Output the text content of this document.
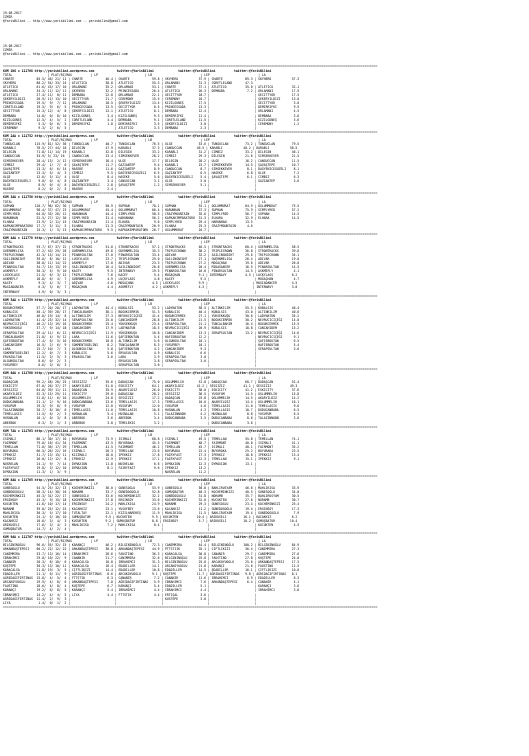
19.08.2017
İZMİR
@YarisBilimi -- http://www.yarisbilimi.com -- yarisbilimi@gmail.com

19.08.2017
İZMİR
@YarisBilimi -- http://www.yarisbilimi.com -- yarisbilimi@gmail.com

=========================================================================================================================================================================================================
KUM 1NG = 111768 http://yarisbilimi.wordpress.com            twitter:@YarisBilimi             twitter:@YarisBilimi          twitter:@YarisBilimi
TOTAL                   | PLAT/RZ/MAX          | LP                         | LB                          | LEP                          | LA
CHARTE            85.5/ 46/ 21/ 11 | CHARTE            46.4 | CHARTE            59.8 | SKYHERO           37.9 | CHARTE            89.3 | SKYHERO           57.3
SKYHERO           80.2/ 54/ 33/ 24 | ATLETICO          38.8 | ATLETICO          55.3 | ORLAMANI          31.3 | CORETLELAND       47.3
ATLETICO          61.6/ 43/ 17/ 10 | ORLAMANI          35.2 | ORLAMANI          53.1 | CHARTE            37.1 | ATLETICO          35.0 | ATLETICO          32.1
ORLAMANI          34.3/ 11/ 12/ 11 | ŞKYHERO           32.2 | PRINCESSADA       26.4 | ATLETICO          26.3 | DEMBABA            7.2 | ORLAMANI          17.9
ATLETICO          27.4/ 11/  8/ 11 | DEMBABA           22.0 | ORLAMANI          22.1 | GECITTYOR         18.7 |                        | GECITTYOR         17.5
ŞEKERYILDIZI      26.9/ 11/ 13/ 10 | GECITTYOR         21.7 | CEREMONY          15.5 | CEREMONY          18.7 |                        | ŞEKERYILDIZI      13.0
PRINCESSADA       19.5/  9/  7/ 12 | ORLAMANI          18.5 | ŞEKERYILDIZI      13.4 | KIZILGUNEŞ        17.5 |                        | GECITTYOR          3.0
CORETLELAND       19.5/  9/  6/  5 | PRINCESSADA       13.5 | GECITTYOR          6.5 | PRINCESSADA       13.3 |                        | DEMIRRIFKI         9.9
GECITTYOR         15.3/ 12/  4/  8 | ŞEKERYILDIZI      12.1 | ATLETICO           8.1 | DEMBABA           12.4 |                        | ORLAMANI           4.5
DEMBABA           14.8/  0/  8/ 10 | KIZILGUNEŞ         3.4 | KIZILGUNEŞ         9.3 | DEMIRRIFKI        11.4 |                        | DEMBABA            3.6
KIZILGUNEŞ        12.5/  4/  5/  2 | CORETLELAND        4.4 | DEMBABA            9.1 | CORETLELAND       11.5 |                        | KIZILGUNEŞ         3.6
DEMIRRIFKI         5.3/  0/  6/  5 | DEMIRRIFKI         1.8 | DEMIRRIFKI         3.5 | ŞEKERYILDIZI       3.0 |                        | CEREMONY           1.2
CEREMONY           9.3/  2/  6/  5 |                        | ATLETICO           3.3 | DEMBABA            2.3 |                        |
=========================================================================================================================================================================================================
KUM 2AA = 111752 http://yarisbilimi.wordpress.com            twitter:@YarisBilimi             twitter:@YarisBilimi          twitter:@YarisBilimi
TOTAL                   | PLAT/RZ/MAX          | LP                         | LB                          | LEP                          | LA
TUNGUCLAN        115.9/ 81/ 52/ 36 | TUNGUCLAN         40.7 | TUNGUCLAN         76.5 | ULGE              53.6 | TUNGUCLAN         73.2 | TUNGUCLAN         79.5
KARABLI           78.5/ 27/ 44/ 18 | DILEGIN           47.9 | KARABLI           37.3 | CANGUCCAN        46.5 | KARABLI           40.2 | KARABLI           58.5
DILEGIN           71.8/ 11/ 14/ 19 | KARABLI           32.8 | DILEGIN           33.2 | KARABLI           31.2 | CIMBIZ            33.2 | DILEGIN           46.1
CANGUCCAN         34.9/ 5/ 23/ 16  | CANGUCCAN         23.4 | SIMSEKKEVER       28.2 | CIMBIZ            29.3 | DILEGIN           21.6 | SIMSEKKEVER       21.5
SIMSEKKEVER       28.4/ 13/  2/ 12 | SIMSEKKEVER       18.4 | ULGE              17.7 | DILEGIN           28.2 | ULGE              16.2 | CANGUCCAN         11.5
CIMBIZ            29.4/  1/  7/  6 | ŞAVAŞTEPE         11.7 | GAZIANTEP          9.4 | KARABLI           15.7 | SIMSEKKEVER       14.5 | ŞAVAŞTEPE         10.7
ŞAVAŞTEPE         13.3/  6/  6/ 14 | HASEKE            11.6 | GAZIANTEP          8.9 | CANGUCCAN          8.7 | SIMSEKKEVER        8.1 | DAĞYENICEGUZELI    8.1
GAZIANTEP         13.3/  5/  4/  3 | CIMBIZ             9.5 | DAĞYENICEGUZELI    6.5 | GAZIANTEP          6.5 | HASEKE             6.8 | ULGE               7.2
ULGE              12.6/  5/ 11/  4 | ULGE               8.4 | HASEKE             5.6 | DAĞYENICEGUZELI    5.4 | ŞAVAŞTEPE          6.1 | CIMBIZ             6.3
DAĞYENICEGUZELI    9.0/  0/  4/  8 | GAZIANTEP          3.4 | CANGUCCAN          3.1 | ULGE               5.0 |                        | GAZIANTEP          3.6
ULGE               8.9/  0/  4/  8 | DAĞYENICEGUZELI    2.8 | ŞAVAŞTEPE          1.2 | SIMSEKKEVER        5.1 |                        |
HASEKE             6.2/  0/  2/  5 | HASEKE             2.4 |                        |                        |                        |
=========================================================================================================================================================================================================
KUM 3AA = 111756 http://yarisbilimi.wordpress.com            twitter:@YarisBilimi             twitter:@YarisBilimi          twitter:@YarisBilimi
TOTAL                   | PLAT/RZ/MAX          | LP                         | LB                          | LEP                          | LA
SUPHAN           120.7/ 96/ 62/ 36 | SUPHAN            50.9 | SUPHAN            70.1 | SUPHAN            91.1 | OGLUMMURAT        84.9 | OGLUMMURAT        75.5
OGLUMMURAT        98.4/ 37/ 47/ 23 | OGLUMMURAT        45.4 | OGLUMMURAT        66.4 | HARUNHAN          37.3 | SUPHAN            75.9 | SIMPLYRED         57.2
SIMPLYRED         64.0/ 33/ 26/ 12 | HARUNHAN          44.4 | SIMPLYRED         58.5 | CRAZYMOUNTAIN     35.6 | SIMPLYRED         56.7 | SUPHAN            14.5
HARUNHAN          52.5/ 27/ 12/ 30 | SIMPLYRED         31.4 | HARUNHAN          56.2 | KAPKAKIMPARATORU  31.3 | ELHARA            32.9 | ELHARA            14.5
ELHARA            23.9/  2/ 11/ 15 | CRAZYMOUNTAIN     21.4 | ELHARA             9.6 | SIMPLYRED         29.4 | HARUNHAN          13.5
KAPKAKIMPARATORU  17.7/  5/ 11/  5 | ELHARA            21.3 | CRAZYMOUNTAIN     20.9 | ELHARA            25.3 | CRAZYMOUNTAIN      4.6
CRAZYMOUNTAIN     15.3/  1/  5/ 13 | KAPKAKIMPARATORU   9.5 | KAPKAKIMPARATORU  20.7 | OGLUMMURAT        16.7 |
=========================================================================================================================================================================================================
KUM 4AA = 111778 http://yarisbilimi.wordpress.com            twitter:@YarisBilimi             twitter:@YarisBilimi          twitter:@YarisBilimi
TOTAL                   | PLAT/RZ/MAX          | LP                         | LB                          | LEP                          | LA
STRONTRACKS       93.7/ 67/ 37/ 22 | STRONTRACKS       51.0 | STRONTRACKS       57.2 | STRONTRACKS       40.5 | STRONTRACKS       60.4 | GUERNMELISA       58.5
GUERNMELISA       57.2/ 43/ 29/ 28 | GUERNMELISA       49.6 | GUERNMELISA       35.3 | TRIPLECROWN       38.2 | TRIPLECROWN       36.8 | STRONTRACKS       39.8
TRIPLECROWN       42.3/ 15/ 14/ 21 | PINARSULTAN       27.0 | PINARSULTAN       33.4 | ADIVAR            32.2 | SAILINGNIGHT      29.6 | TRIPLECROWN       34.1
SAILINGNIGHT      39.0/  8/ 10/ 12 | LUCKYLASS         23.7 | TRIPLECROWN       29.0 | SAILINGNIGHT      27.1 | GUERNMELISA       26.4 | ADIVAR            19.0
ADIVAR            38.8/ 11/ 14/ 22 | ASKMEFLY          17.8 | ADIVAR            23.3 | TRIPLECROWN       27.2 | MOĞAÇHAN          19.6 | ADIVAR            26.0
PINARSULTAN       34.7/ 15/ 13/ 19 | SAILINGNIGHT      16.4 | SAILINGNIGHT      20.8 | GUERNMELISA       20.4 | MIDAGANCER        16.5 | PINARSULTAN       14.5
ASKMEFLY          30.3/  5/  9/ 10 | KACEY              9.5 | INTERNAVY         19.5 | PINARSULTAN       16.8 | PINARSULTAN       14.5 | ASKMEFLY           4.1
LUCKYLASS         21.5/  6/  3/ 12 | TRIPLECROWN        7.6 | KACEY              5.4 | MOĞAÇHAN          9.1 | INTERNAVY          4.5 | LUCKYLASS          6.2
ASKMEFLY          18.8/  6/  4/  7 | GUERNMELISA        4.9 | LUCKYLASS          4.8 | KACEY              9.5 |                        | MOĞAÇHAN           4.7
KACEY              9.3/  4/  3/  7 | ADIVAR             4.6 | MOĞAÇHAN          4.5 | LUCKYLASS          9.9 |                        | MAGIADANCER        4.5
MAGIADANCER        6.3/  3/  0/  7 | MOĞAÇHAN           4.4 | ASKMEFLY          4.2 | ASKMEFLY           4.3 |                        | INTERNAVY          3.0
INTERNAVY          4.9/  0/  3/  3 |                        |                        |                        |                        |
=========================================================================================================================================================================================================
KUM 5AA = 111759 http://yarisbilimi.wordpress.com            twitter:@YarisBilimi             twitter:@YarisBilimi          twitter:@YarisBilimi
TOTAL                   | PLAT/RZ/MAX          | LP                         | LB                          | LEP                          | LA
BOGUKCERMIK       57.7/ 20/ 28/ 17 | LADYNATUN         44.4 | KUBALSIS          53.2 | LADYNATUN         58.5 | ALTINKILIM        55.5 | KUBALSIS          46.4
KUBALSIS          50.1/ 39/ 28/ 17 | TUNCALBAHIM       38.1 | BOGUKCERMIK       51.3 | KUBALSIS          40.4 | KUBALSIS          43.0 | ALTINKILIM        40.6
ALTINKILIM        46.0/ 19/ 14/  8 | ALTINKILIM        27.3 | NEVRUCICIÇEĞI     41.4 | BOGUKCERMIK       27.1 | YÜKSEKKUŞU        30.6 | LADYNATUN         35.2
LADYNATUN         41.4/ 23/ 32/ 14 | SERAPSULTAN       25.0 | CANCAHIDEM        28.8 | ALTINKILIM        21.5 | BOGUKCERMIK       30.2 | NEVRUCICIÇEĞI     14.0
NEVRUCICIÇEĞI     40.2/ 13/ 19/ 16 | BOGUKCERMIK       25.4 | YÜKSEKKUŞU        23.4 | SERAPSULTAN       21.1 | TUNCALBAHIM       16.4 | BOGUKCERMIK       15.5
YÜKSEKKUŞU        37.7/  9/ 14/ 18 | CANCAHIDEM        17.9 | LADYNATUN         18.5 | NEVRUCICIÇEĞI     20.9 | KUBALSIS          18.8 | CANCAHIDEM        15.2
SERAPSULTAN       29.4/ 11/  6/ 12 | NEVRUCICIÇEĞI     11.9 | YÜKSEKKUŞU        10.8 | CANCAHIDEM        13.3 | SERAPSULTAN       13.2 | NEVRUCICIÇEĞI     14.6
TUNCALBAHIM       21.8/  4/  9/ 12 | LARA              11.6 | ŞAFIEBOUTAN        5.4 | HAFIEBOUTAN       12.2 |                        | NEVRUCICIÇEĞI      9.1
ŞAFIEBOUTAN       17.4/  6/  5/ 16 | BOGUKCERMIK       10.8 | ALTINKILIM         5.6 | OLGUNSULTAN       10.1 |                        | ŞAFIEBOUTAN        6.5
CANCAHIDEM        16.5/  2/  6/  9 | SOKMENTOGELINI     8.2 | TUNCALBAHIM        8.3 | YUSUFBEY          10.1 |                        | HAFIEBOUTAN        5.4
LARA              15.7/ 10/  7/  3 | OLGUNSULTAN        5.8 | ŞAFIEBOUTAN        4.2 | CANCAHIDEM         9.3 |                        | SERAPSULTAN        3.6
SOKMENTOGELINI    12.2/  0/  7/  3 | KUBALSIS           5.6 | ERVASULTAN         4.9 | KUBALSIS           6.6 |                        |
ERVASULTAN        11.5/  3/  5/  3 | ERVASULTAN         3.6 | LARA               3.9 | SERAPSULTAN        3.0 |                        |
OLGUNSULTAN        8.6/  0/  2/  3 |                        | ERVASULTAN         3.8 | SERAPSULTAN        3.0 |                        |
YUSUFBEY           6.6/  3/  0/  3 |                        | SERAPSULTAN        3.0 |                        |                        |
=========================================================================================================================================================================================================
KUM 6AA = 111760 http://yarisbilimi.wordpress.com            twitter:@YarisBilimi             twitter:@YarisBilimi          twitter:@YarisBilimi
TOTAL                   | PLAT/RZ/MAX          | LP                         | LB                          | LEP                          | LA
DADAŞCAN          95.2/ 48/ 28/ 25 | SESSIZIZ          35.6 | DADAŞCAN          75.0 | OGLUMMELIH        51.8 | DADAŞCAN          60.7 | DADAŞCAN          52.4
ESKICITY          67.0/ 26/ 37/ 27 | AKARYILDIZ        51.8 | ESKICITY          64.1 | AKARYILDIZ       41.2 | SESSIZIZ          41.1 | SESSIZIZ          49.3
SESSIZIZ          64.0/ 39/ 11/ 11 | DADAŞCAN          35.9 | AKARYILDIZ        26.0 | ESKICITY          38.0 | ESKICITY          41.2 | ESKICITY          37.6
AKARYILDIZ        52.3/ 15/ 29/ 11 | ESKICITY          29.0 | DADAŞCAN          28.2 | SESSIZIZ          36.5 | YUSUFUM           14.5 | OGLUMMELIH        15.8
OGLUMMELIH        31.8/ 11/  6/ 16 | OGLUMMELIH        24.8 | SESSIZIZ          17.2 | DADAŞCAN          25.8 | OGLUMMELIH        14.5 | AKARYILDIZ        14.2
DUDUCANBABA       21.1/  2/  9/ 16 | DUDUCANBABA       23.6 | TEMELLASIS        17.3 | TEMELLASIS        10.0 | AKARYILDIZ        14.4 | OGLUMMELIH        16.1
YUSUFUM           19.3/  9/  0/  9 | YUSUFUM           12.0 | YUSUFUM           12.0 | YUSUFUM            4.6 | TEMELLASIS        11.0 | TEMELLASIS         9.6
TALAZINNODN       20.7/  8/ 10/  6 | TEMELLASIS        11.0 | TEMELLASIS        10.8 | HUSNALAN           4.3 | TEMELLASIS        10.7 | DUDUCANBABA        6.5
TEMELLASIS        11.5/  6/  2/  3 | HUSNALAN           5.4 | HUSNALAN           5.1 | TALAZINNODN        4.2 | HUSNALAN           8.8 | YUSUFUM            6.5
HUSNALAN          10.1/  0/  3/  8 | ABEEBOK            3.6 | ABEEBOK            3.4 | DUDUCANBABA        3.5 | DUDUCANBABA        8.6 | TALAZINNODN        3.6
ABEEBOK            6.3/  3/  1/  3 | ARBEBOK            3.8 | TEMELEKIS          3.2 |                        | DUDUCANBABA        3.6 |
=========================================================================================================================================================================================================
KUM 7AA = 111763 http://yarisbilimi.wordpress.com            twitter:@YarisBilimi             twitter:@YarisBilimi          twitter:@YarisBilimi
TOTAL                   | PLAT/RZ/MAX          | LP                         | LB                          | LEP                          | LA
ISIMALI           86.1/ 30/ 17/ 10 | BUYURAKA          73.9 | ISIMALI           68.8 | ISIMALI           49.5 | TEMELLAN          55.8 | TEMELLAN          74.1
FAIRMONT          79.0/ 16/ 41/ 34 | FAIRMONT          43.5 | BUYURAKA          45.5 | FAIRMONT          48.7 | FAIRMONT          40.0 | ISIMALI           41.1
TEMELLAN          71.0/ 36/ 17/ 29 | TEMELLAN          41.5 | FAIRMONT          46.2 | TEMELLAN          45.7 | ISIMALI           40.1 | FAIRMONT          35.2
BUYURAKA          66.5/ 26/ 22/ 16 | ISIMALI           28.3 | TEMELLAN          23.6 | BUYURAKA          22.4 | BUYURAKA          25.2 | BUYURAKA          23.5
IPEKKIZ           31.7/ 13/ 15/ 11 | KIZIMALI          18.0 | IPEKKIZ           17.8 | FAIRYFAST         17.3 | IPEKKIZ           18.8 | IPEKKIZ           13.4
IPEKKIZ           26.0/ 12/ 12/  8 | IPEKKIZ           12.9 | IPEKKIZ           17.1 | FAIRYFAST         12.3 | TEMELLAN          15.1 | IPEKKIZ            9.1
NUSRELAN          24.1/  9/  7/ 14 | DYMAXION          11.8 | NUSRELAN           6.6 | DYMAXION          12.3 | DYMAXION          13.1 |
FAIRYFAST         19.8/  3/ 12/ 10 | DYMAXION           8.1 | FAIRYFAST          9.6 | IPEKKIZ           13.2 |                        |
DYMAXION          11.3/  1/  3/  9 |                        |                        | NUSRELAN          11.2 |                        |
=========================================================================================================================================================================================================
KUM 8AA = 111765 http://yarisbilimi.wordpress.com            twitter:@YarisBilimi             twitter:@YarisBilimi          twitter:@YarisBilimi
TOTAL                   | PLAT/RZ/MAX          | LP                         | LB                          | LEP                          | LA
GUNESOGLU         54.5/ 25/ 32/ 13 | KOCHEMINKIZI      36.0 | GUNESOGLU         53.9 | GUNESOGLU         50.8 | BAHLIRUSYAM       46.6 | MAHLIKISA         33.9
GUNEDOGOGLU       58.3/ 14/ 30/ 16 | NORAMB            33.7 | GUNEDOGOGLU       52.8 | GUMUŞBATUR        40.3 | KOCHEMINKIZI      40.5 | GUNESOGLU         34.0
KOCHEMINKIZI      45.3/ 31/ 22/ 17 | GUNESOGLU         33.6 | KOCHEMINKIZI      32.2 | GUNEDOGOGLU       31.8 | NORAMB            35.7 | BAHLIRUSYAM       30.5
ERGINSOY          45.3/  9/ 15/ 18 | KOCHEMINKIZI      27.8 | ERGINSOY          33.6 | KOCHEMINKIZI      32.0 | KUCUKTEN          27.6 | NORAMB            30.7
KUCUKTEN          41.6/ 10/ 17/ 14 | ERGINSOY          24.2 | MAHLIKISA         24.9 | NORAMB            29.3 | GUNESOGLU         23.4 | KOCHEMINKIZI      25.4
NORAMB            39.8/ 25/ 12/ 15 | KACAKKIZ          23.1 | YUSUFBEY          13.6 | KACAKKIZ          11.2 | GUNEDOGOGLU       19.4 | ERGINSOY          17.3
MAHLIKISA         30.3/  5/ 17/ 10 | TUTALTAY          22.1 | KIZILHAREKEŞ      11.9 | MAHLIKISA         11.5 | BAHLIRUSYAM       19.4 | GUNEDOGOGLU        7.9
KUCUKTEN          24.1/  5/ 10/ 10 | GUMUŞBATUR        9.5 | KUCUKTEN           9.5 | KUCUKTEN          10.4 | ARIKUSELI         16.1 | KACAKKIZ           6.2
KACAKKIZ          10.6/  3/  4/  3 | KUCUKTEN          9.2 | GUMUŞBATUR         8.8 | ERGINSOY           5.7 | ARIKUSELI         10.2 | GUMUŞBATUR        10.4
ARIKUSELI         17.6/  3/  4/  2 | MAHLIKISA          7.2 | MAHLIKISA          8.4 |                        |                        | KUCUKTEN           4.5
GUMUŞBATUR        14.7/  4/  2/  4 |                        |                        |                        |                        |
=========================================================================================================================================================================================================
KUM 9AA = 111767 http://yarisbilimi.wordpress.com            twitter:@YarisBilimi             twitter:@YarisBilimi          twitter:@YarisBilimi
TOTAL                   | PLAT/RZ/MAX          | LP                         | LB                          | LEP                          | LA
BILGININOĞLU      96.6/ 55/ 32/ 15 | KARANÇI           46.2 | BILGININOĞLU      72.3 | CANIMMIRA         44.4 | BILGININOĞLU     100.2 | BILGININOĞLU      84.9
ARKANDAŞTEPESI    60.2/ 22/ 12/ 22 | ARKANDAŞTEPESI    38.8 | ARKANDAŞTEPESI    44.9 | PTTSTIIK          35.1 | CIFTLIKIZI        36.4 | CANIMMIRA         27.3
CANIMMIRA         33.7/ 13/ 16/ 14 | IBRAHIMCI         28.6 | FAUSTINO          36.3 | KARACALSA         30.8 | CANANIR           29.7 | CANIMMIRA         27.6
IBRAHIMCI         29.0/ 10/ 22/  9 | CANANIR           21.7 | CANIMMIRA         32.6 | BILGININOĞLU      25.8 | FAUSTINO          27.8 | KUŞTEPE           24.0
CANANIR           20.3/  6/ 10/  6 | KARACALSA         16.8 | IBRAHIMCI         31.3 | BILGININOĞLU      25.8 | ARCAKOYUOGLU      25.6 | ARKANDAŞTEPESI    17.3
KUŞTEPE           30.3/ 13/ 10/ 11 | KARACALSA         16.4 | EDADILLER         14.1 | ARCAKOYUOGLU      21.8 | KARANÇI           21.6 | FAUSTINO          12.5
KARACALSA         21.8/ 19/  3/  5 | CIFTLIKIZI        14.4 | EDADILLER         10.8 | EDADILLER         14.5 | EDADILLER         16.1 | CIFTLIKIZI        10.0
EDADILLER         21.1/  6/ 11/  9 | AĞRIDAĞIFIRTINAS   8.6 | ARCAKOYUOGLU      9.1 | KUŞTEPE           11.7 | AĞRIDAĞIFIRTINAS   9.8 | AĞRIDAĞIFIRTINAS   8.1
AĞRIDAĞIFIRTINAS  15.8/  4/  5/  4 | FTTSTIK            6.3 | CANANIR            7.2 | CANANIR           11.6 | IBRAHIMCI          6.9 | EDADILLER          6.3
ARCAKOYUOGLU      19.9/  4/  8/  6 | ARKANDAŞTEPESI     7.0 | AĞRIDAĞIFIRTINAS   5.9 | IBRAHIMCI          7.6 | ARKANDAŞTEPESI     6.4 | CANANIR            4.1
FAUSTINO          18.6/  4/  8/  4 | KUŞTEPE            6.7 | KARANÇI            5.4 | EDADILLER          5.1 |                        | KARANÇI            3.6
KARANÇI           19.2/  6/  8/  5 | KARANÇI            5.4 | IBRAHIMCI          4.4 | IBRAHIMCI          4.4 |                        | IBRAHIMCI          3.8
IBRAHIMCI         14.2/  4/  4/  5 | LIYA               4.4 | FTTSTIK            4.4 | ERTIŞAL            3.6 |                        |
AĞRIDAĞIFIRTINAS  12.4/  2/  9/  3 |                        |                        | KUSTEPE            3.0 |                        |
LIYA               1.4/  0/  1/  2 |                        |                        |                        |                        |
=========================================================================================================================================================================================================
